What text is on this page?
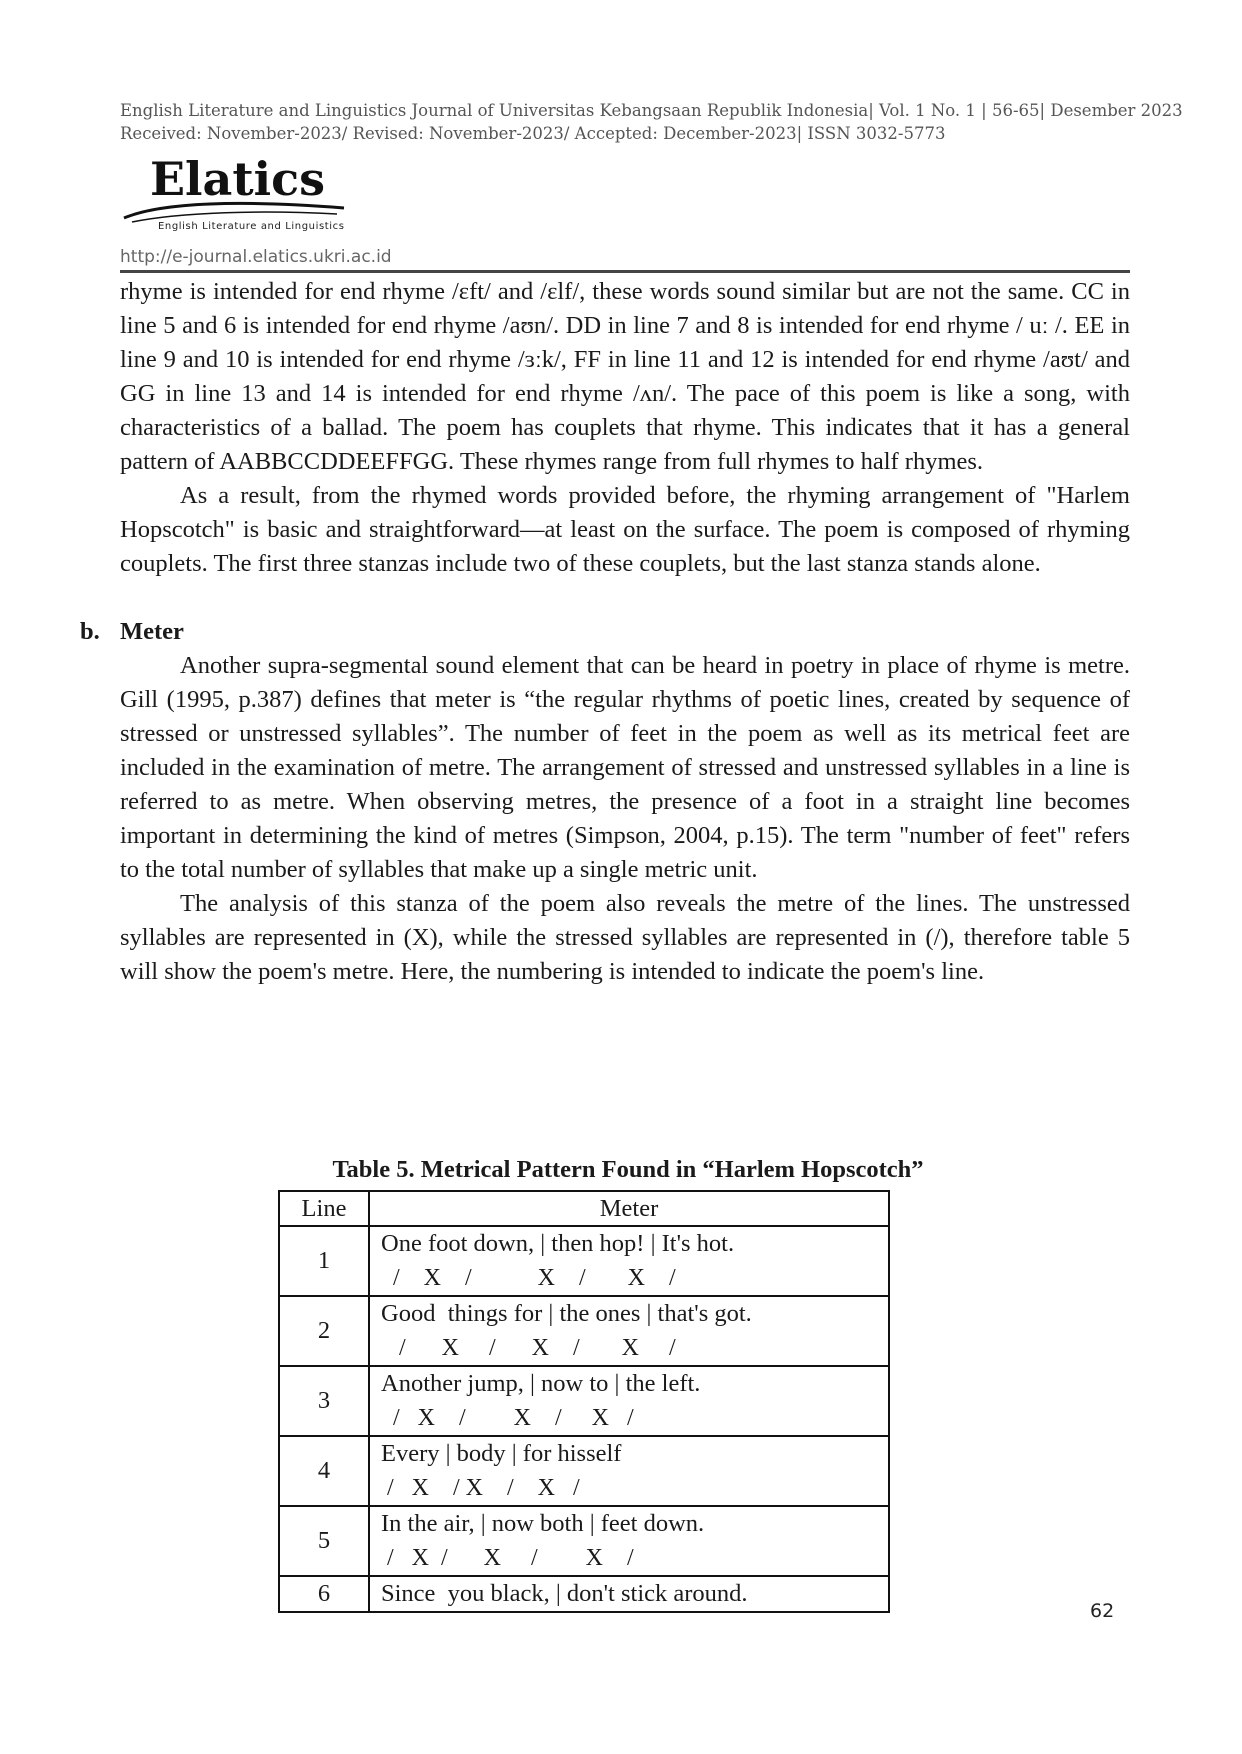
English Literature and Linguistics Journal of Universitas Kebangsaan Republik Indonesia| Vol. 1 No. 1 | 56-65| Desember 2023
Received: November-2023/ Revised: November-2023/ Accepted: December-2023| ISSN 3032-5773
Elatics
English Literature and Linguistics
http://e-journal.elatics.ukri.ac.id

rhyme is intended for end rhyme /ɛft/ and /ɛlf/, these words sound similar but are not the same. CC in line 5 and 6 is intended for end rhyme /aʊn/. DD in line 7 and 8 is intended for end rhyme / uː /. EE in line 9 and 10 is intended for end rhyme /ɜːk/, FF in line 11 and 12 is intended for end rhyme /aʊt/ and GG in line 13 and 14 is intended for end rhyme /ʌn/. The pace of this poem is like a song, with characteristics of a ballad. The poem has couplets that rhyme. This indicates that it has a general pattern of AABBCCDDEEFFGG. These rhymes range from full rhymes to half rhymes.

As a result, from the rhymed words provided before, the rhyming arrangement of "Harlem Hopscotch" is basic and straightforward—at least on the surface. The poem is composed of rhyming couplets. The first three stanzas include two of these couplets, but the last stanza stands alone.

b. Meter

Another supra-segmental sound element that can be heard in poetry in place of rhyme is metre. Gill (1995, p.387) defines that meter is “the regular rhythms of poetic lines, created by sequence of stressed or unstressed syllables”. The number of feet in the poem as well as its metrical feet are included in the examination of metre. The arrangement of stressed and unstressed syllables in a line is referred to as metre. When observing metres, the presence of a foot in a straight line becomes important in determining the kind of metres (Simpson, 2004, p.15). The term "number of feet" refers to the total number of syllables that make up a single metric unit.

The analysis of this stanza of the poem also reveals the metre of the lines. The unstressed syllables are represented in (X), while the stressed syllables are represented in (/), therefore table 5 will show the poem's metre. Here, the numbering is intended to indicate the poem's line.

Table 5. Metrical Pattern Found in “Harlem Hopscotch”
Line	Meter
1	One foot down, | then hop! | It's hot.
/    X    /           X    /       X    /

2	Good  things for | the ones | that's got.
/      X     /      X    /       X     /

3	Another jump, | now to | the left.
/   X    /        X    /     X   /

4	Every | body | for hisself
/   X    / X    /    X   /

5	In the air, | now both | feet down.
/   X  /      X     /        X    /

6	Since  you black, | don't stick around.
62
